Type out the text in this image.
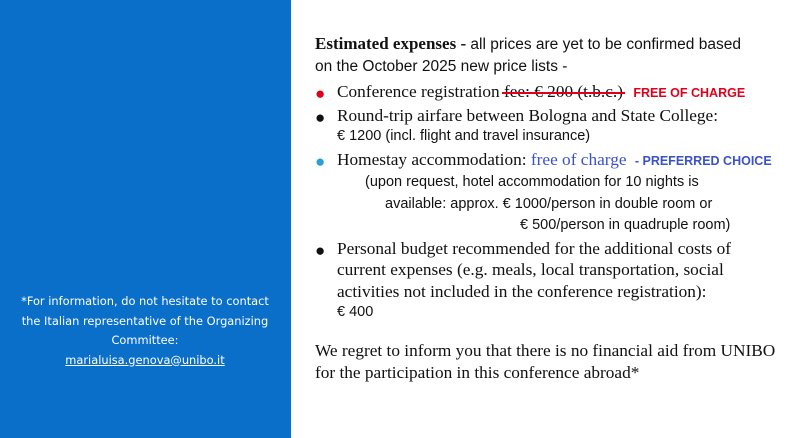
*For information, do not hesitate to contact the Italian representative of the Organizing Committee:
marialuisa.genova@unibo.it
Estimated expenses - all prices are yet to be confirmed based
on the October 2025 new price lists -
● Conference registration fee: € 200 (t.b.c.) FREE OF CHARGE
● Round-trip airfare between Bologna and State College:
€ 1200 (incl. flight and travel insurance)
● Homestay accommodation: free of charge - PREFERRED CHOICE
(upon request, hotel accommodation for 10 nights is
available: approx. € 1000/person in double room or
€ 500/person in quadruple room)
● Personal budget recommended for the additional costs of
current expenses (e.g. meals, local transportation, social
activities not included in the conference registration):
€ 400
We regret to inform you that there is no financial aid from UNIBO
for the participation in this conference abroad*
